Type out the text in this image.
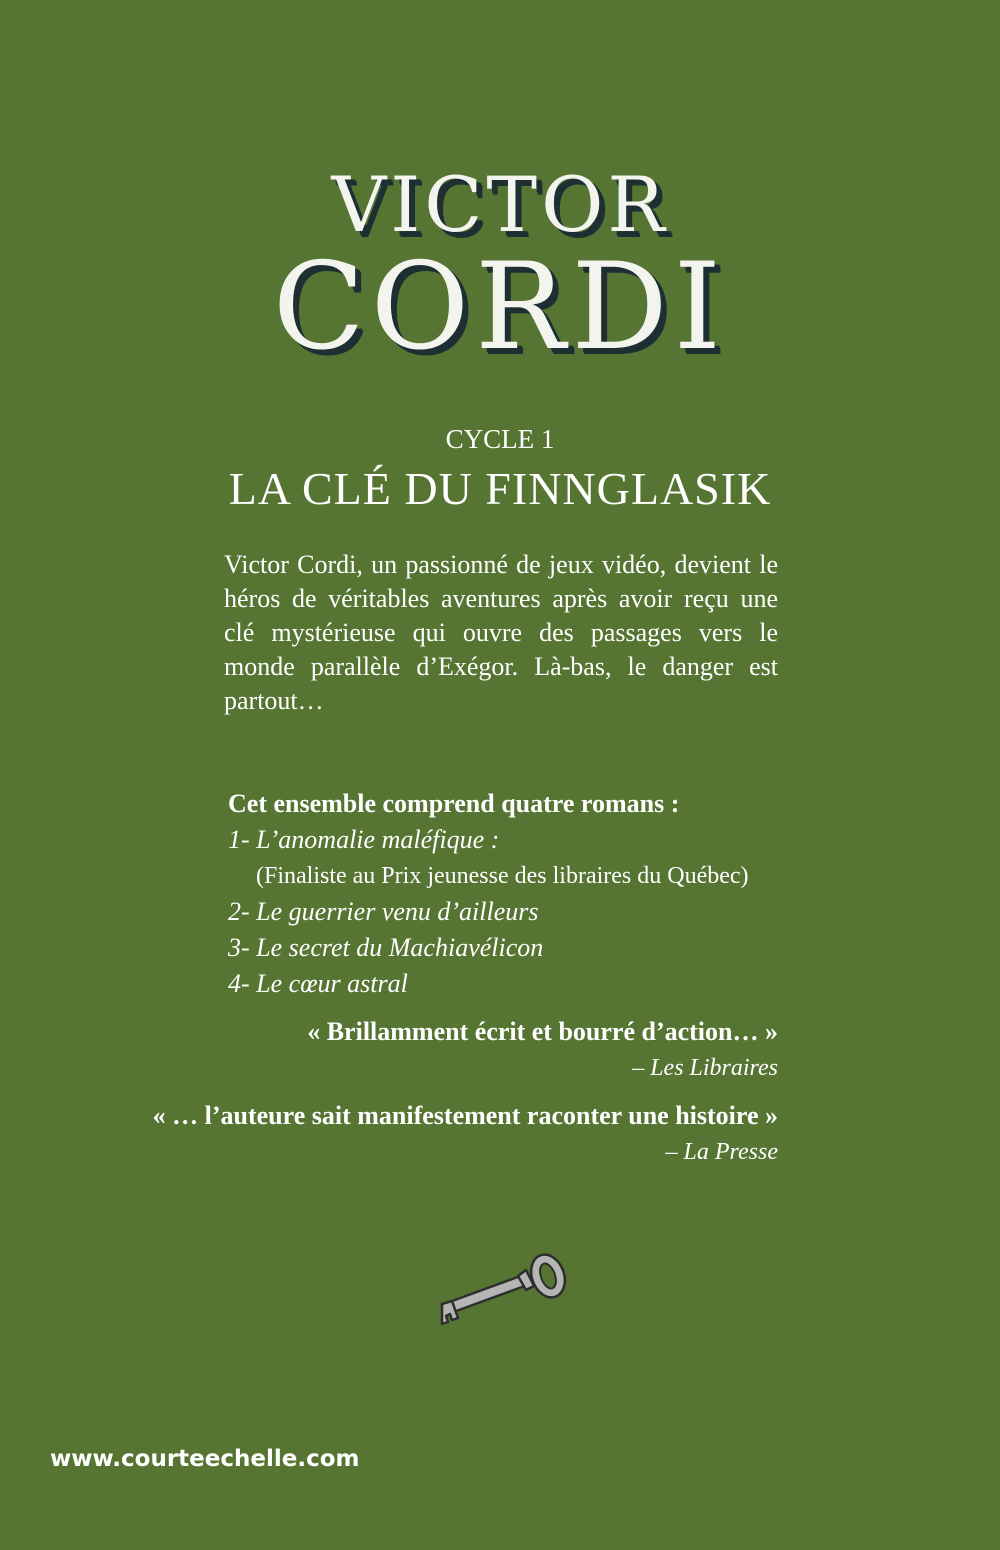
VICTOR
CORDI
CYCLE 1
LA CLÉ DU FINNGLASIK

Victor Cordi, un passionné de jeux vidéo, devient le héros de véritables aventures après avoir reçu une clé mystérieuse qui ouvre des passages vers le monde parallèle d’Exégor. Là-bas, le danger est partout…

Cet ensemble comprend quatre romans :

1- L’anomalie maléfique :

(Finaliste au Prix jeunesse des libraires du Québec)

2- Le guerrier venu d’ailleurs

3- Le secret du Machiavélicon

4- Le cœur astral

« Brillamment écrit et bourré d’action… »
– Les Libraires
« … l’auteure sait manifestement raconter une histoire »
– La Presse
www.courteechelle.com
